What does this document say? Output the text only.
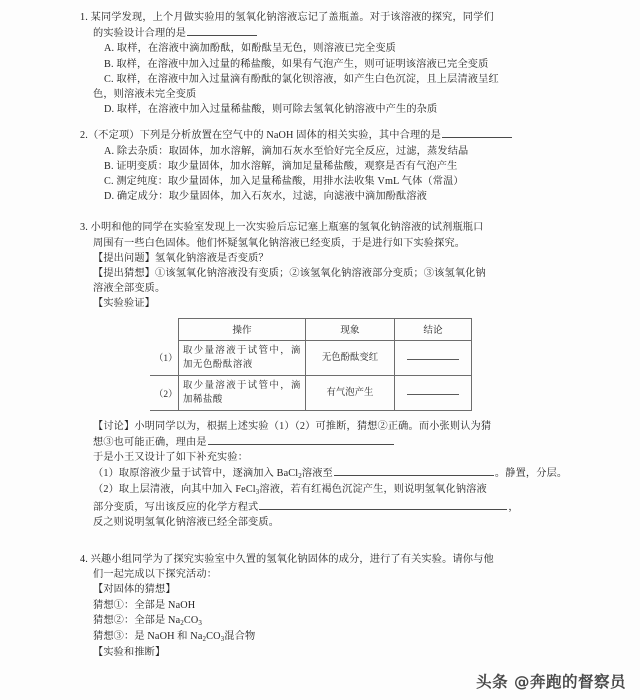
1. 某同学发现，上个月做实验用的氢氧化钠溶液忘记了盖瓶盖。对于该溶液的探究，同学们
的实验设计合理的是
A. 取样，在溶液中滴加酚酞，如酚酞呈无色，则溶液已完全变质
B. 取样，在溶液中加入过量的稀盐酸，如果有气泡产生，则可证明该溶液已完全变质
C. 取样，在溶液中加入过量滴有酚酞的氯化钡溶液，如产生白色沉淀，且上层清液呈红
色，则溶液未完全变质
D. 取样，在溶液中加入过量稀盐酸，则可除去氢氧化钠溶液中产生的杂质
2.（不定项）下列是分析放置在空气中的 NaOH 固体的相关实验，其中合理的是
A. 除去杂质：取固体，加水溶解，滴加石灰水至恰好完全反应，过滤，蒸发结晶
B. 证明变质：取少量固体，加水溶解，滴加足量稀盐酸，观察是否有气泡产生
C. 测定纯度：取少量固体，加入足量稀盐酸，用排水法收集 VmL 气体（常温）
D. 确定成分：取少量固体，加入石灰水，过滤，向滤液中滴加酚酞溶液
3. 小明和他的同学在实验室发现上一次实验后忘记塞上瓶塞的氢氧化钠溶液的试剂瓶瓶口
周围有一些白色固体。他们怀疑氢氧化钠溶液已经变质，于是进行如下实验探究。
【提出问题】氢氧化钠溶液是否变质？
【提出猜想】①该氢氧化钠溶液没有变质；②该氢氧化钠溶液部分变质；③该氢氧化钠
溶液全部变质。
【实验验证】
	操作	现象	结论
（1）	取少量溶液于试管中，滴加无色酚酞溶液	无色酚酞变红	
（2）	取少量溶液于试管中，滴加稀盐酸	有气泡产生	
【讨论】小明同学以为，根据上述实验（1）（2）可推断，猜想②正确。而小张则认为猜
想③也可能正确，理由是
于是小王又设计了如下补充实验：
（1）取原溶液少量于试管中，逐滴加入 BaCl$_2$溶液至	。静置，分层。
（2）取上层清液，向其中加入 FeCl$_3$溶液，若有红褐色沉淀产生，则说明氢氧化钠溶液
部分变质，写出该反应的化学方程式	，
反之则说明氢氧化钠溶液已经全部变质。
4. 兴趣小组同学为了探究实验室中久置的氢氧化钠固体的成分，进行了有关实验。请你与他
们一起完成以下探究活动：
【对固体的猜想】
猜想①：全部是 NaOH
猜想②：全部是 $Na_2CO_3$
猜想③：是 NaOH 和 $Na_2CO_3$混合物
【实验和推断】
头条 @奔跑的督察员
